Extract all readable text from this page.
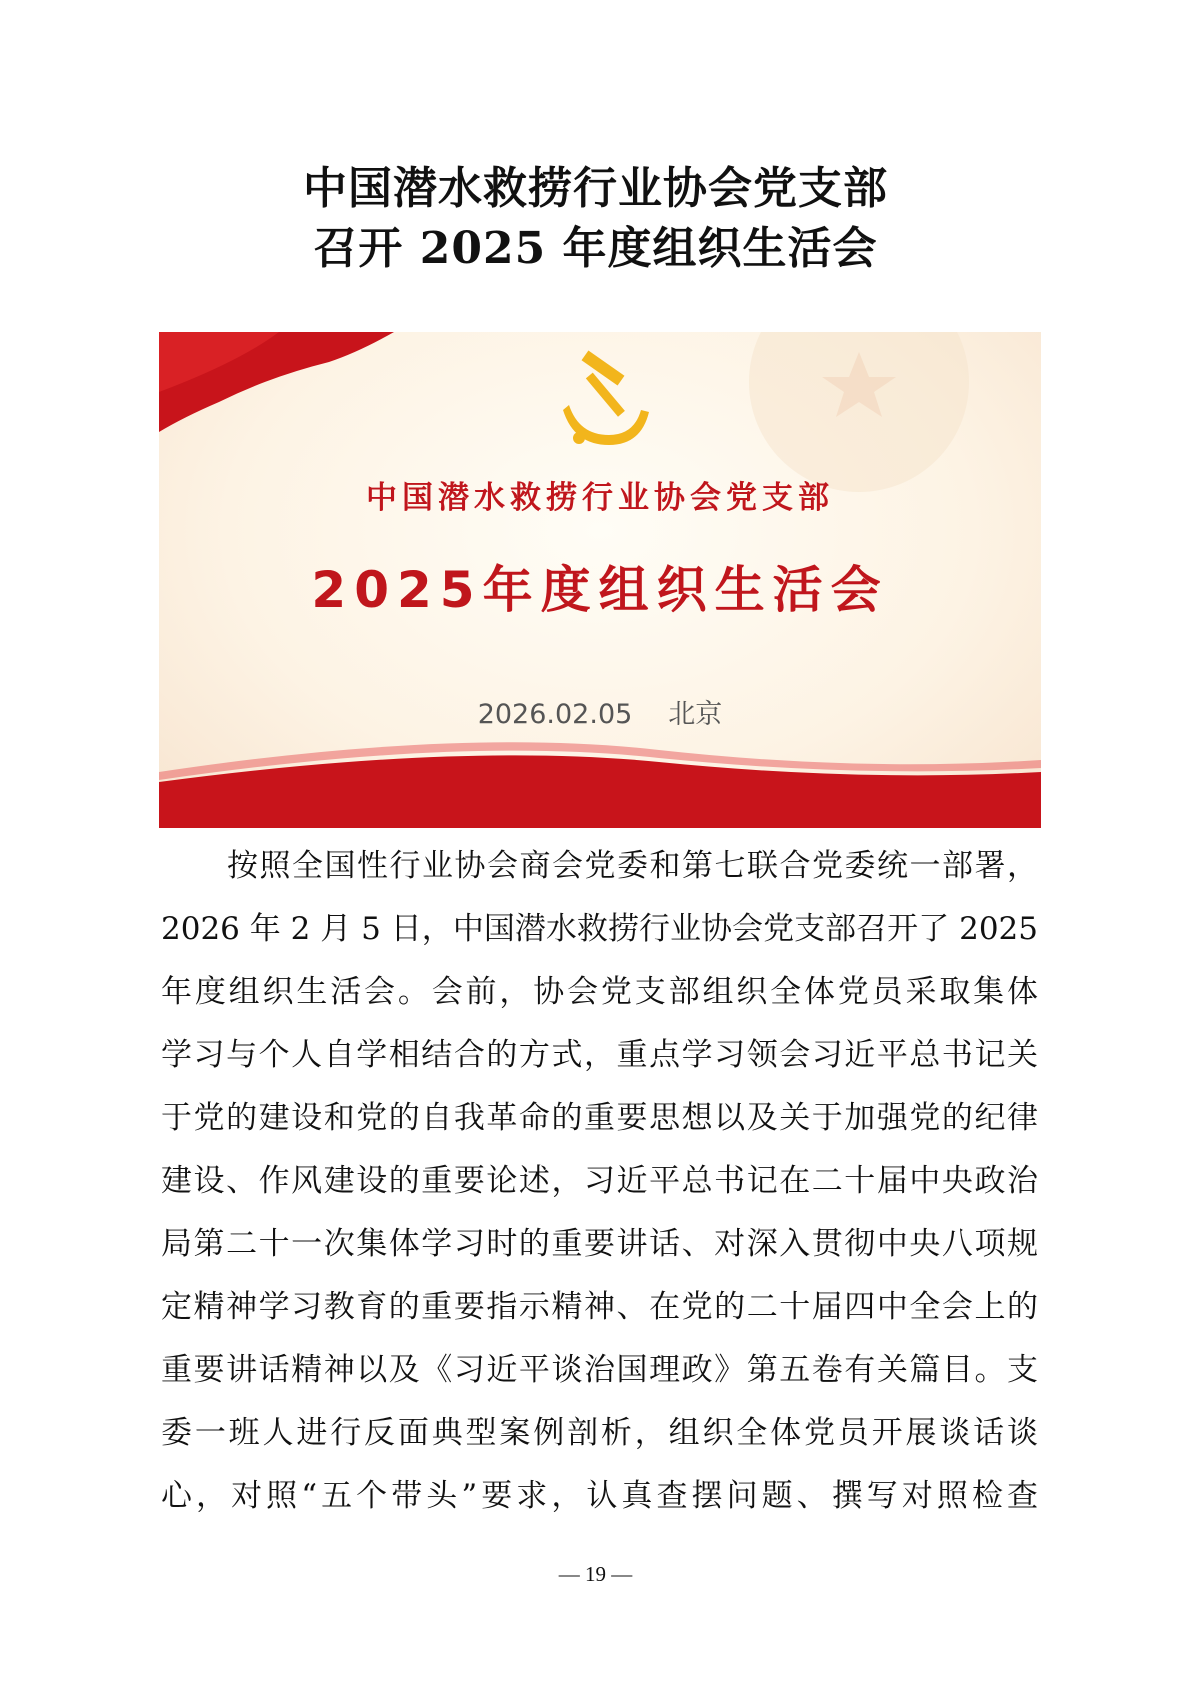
中国潜水救捞行业协会党支部
召开 2025 年度组织生活会
中国潜水救捞行业协会党支部
2025年度组织生活会
2026.02.05 北京
按照全国性行业协会商会党委和第七联合党委统一部署，
2026 年 2 月 5 日，中国潜水救捞行业协会党支部召开了 2025
年度组织生活会。会前，协会党支部组织全体党员采取集体
学习与个人自学相结合的方式，重点学习领会习近平总书记关
于党的建设和党的自我革命的重要思想以及关于加强党的纪律
建设、作风建设的重要论述，习近平总书记在二十届中央政治
局第二十一次集体学习时的重要讲话、对深入贯彻中央八项规
定精神学习教育的重要指示精神、在党的二十届四中全会上的
重要讲话精神以及《习近平谈治国理政》第五卷有关篇目。支
委一班人进行反面典型案例剖析，组织全体党员开展谈话谈
心，对照“五个带头”要求，认真查摆问题、撰写对照检查
— 19 —
